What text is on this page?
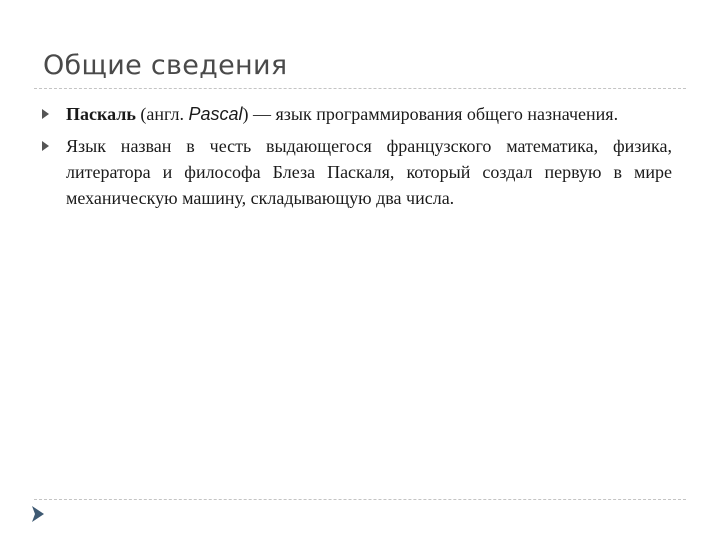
Общие сведения
Паскаль (англ. Pascal) — язык программирования общего назначения.
Язык назван в честь выдающегося французского математика, физика, литератора и философа Блеза Паскаля, который создал первую в мире механическую машину, складывающую два числа.
